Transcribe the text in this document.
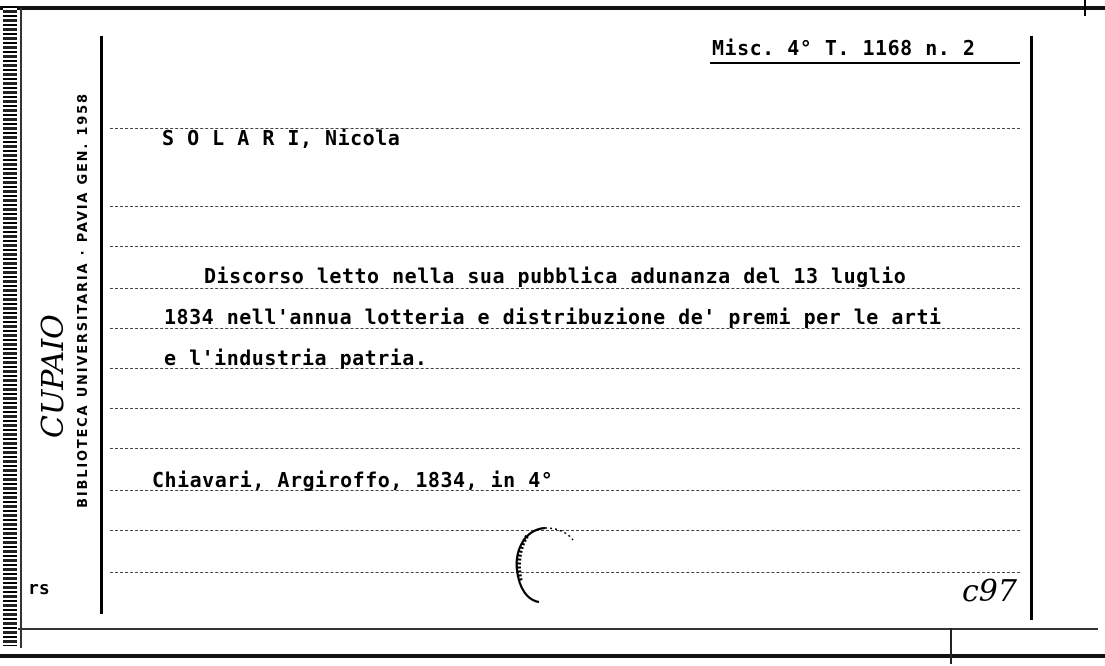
BIBLIOTECA UNIVERSITARIA · PAVIA GEN. 1958
CUPAIO
Misc. 4° T. 1168 n. 2
S O L A R I, Nicola
Discorso letto nella sua pubblica adunanza del 13 luglio
1834 nell'annua lotteria e distribuzione de' premi per le arti
e l'industria patria.
Chiavari, Argiroffo, 1834, in 4°
rs	c97
